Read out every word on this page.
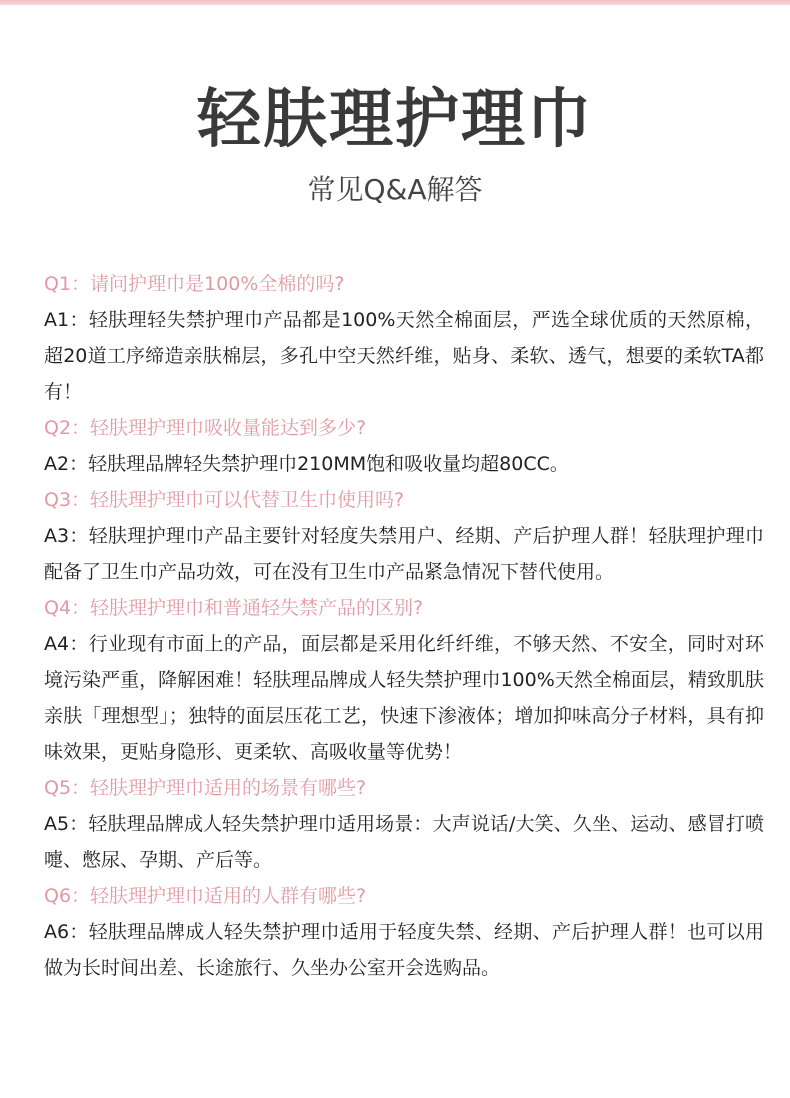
轻肤理护理巾
常见Q&A解答

Q1：请问护理巾是100%全棉的吗?

A1：轻肤理轻失禁护理巾产品都是100%天然全棉面层，严选全球优质的天然原棉，超20道工序缔造亲肤棉层，多孔中空天然纤维，贴身、柔软、透气，想要的柔软TA都有！

Q2：轻肤理护理巾吸收量能达到多少?

A2：轻肤理品牌轻失禁护理巾210MM饱和吸收量均超80CC。

Q3：轻肤理护理巾可以代替卫生巾使用吗?

A3：轻肤理护理巾产品主要针对轻度失禁用户、经期、产后护理人群！轻肤理护理巾配备了卫生巾产品功效，可在没有卫生巾产品紧急情况下替代使用。

Q4：轻肤理护理巾和普通轻失禁产品的区别?

A4：行业现有市面上的产品，面层都是采用化纤纤维，不够天然、不安全，同时对环境污染严重，降解困难！轻肤理品牌成人轻失禁护理巾100%天然全棉面层，精致肌肤亲肤「理想型」；独特的面层压花工艺，快速下渗液体；增加抑味高分子材料，具有抑味效果，更贴身隐形、更柔软、高吸收量等优势！

Q5：轻肤理护理巾适用的场景有哪些?

A5：轻肤理品牌成人轻失禁护理巾适用场景：大声说话/大笑、久坐、运动、感冒打喷嚏、憋尿、孕期、产后等。

Q6：轻肤理护理巾适用的人群有哪些?

A6：轻肤理品牌成人轻失禁护理巾适用于轻度失禁、经期、产后护理人群！也可以用做为长时间出差、长途旅行、久坐办公室开会选购品。
